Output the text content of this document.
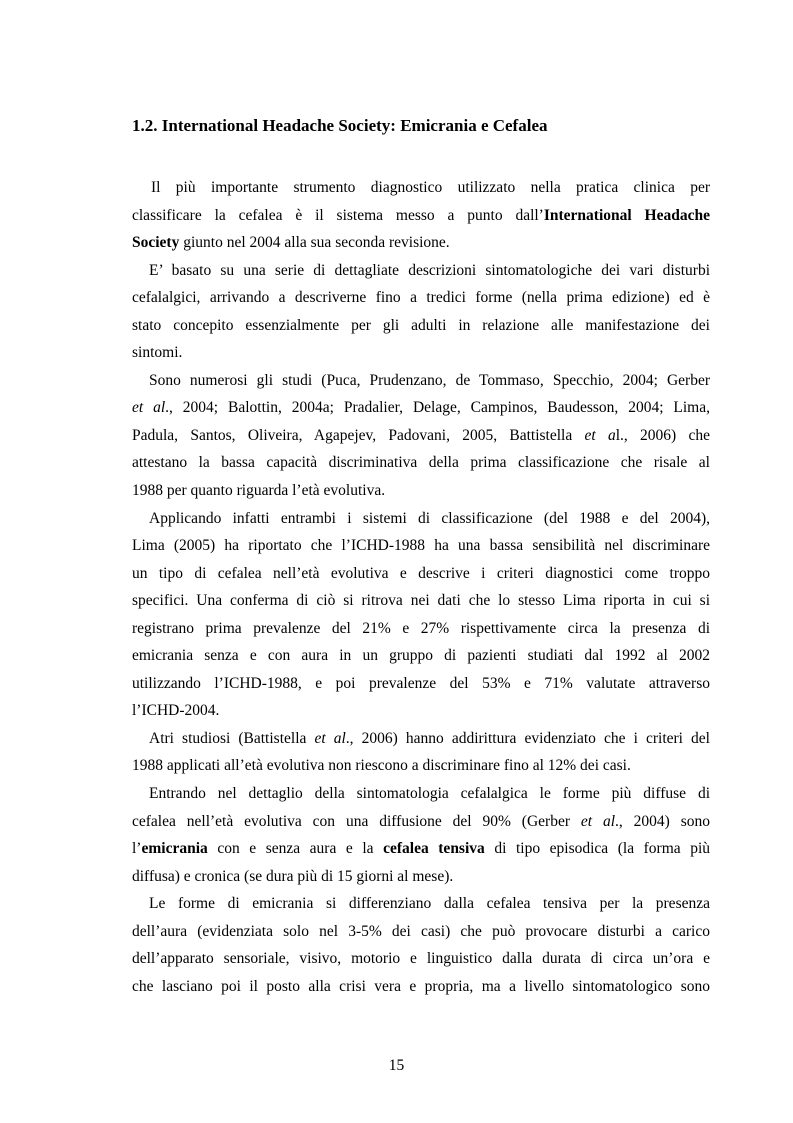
1.2. International Headache Society: Emicrania e Cefalea
Il più importante strumento diagnostico utilizzato nella pratica clinica per
classificare la cefalea è il sistema messo a punto dall’International Headache
Society giunto nel 2004 alla sua seconda revisione.
E’ basato su una serie di dettagliate descrizioni sintomatologiche dei vari disturbi
cefalalgici, arrivando a descriverne fino a tredici forme (nella prima edizione) ed è
stato concepito essenzialmente per gli adulti in relazione alle manifestazione dei
sintomi.
Sono numerosi gli studi (Puca, Prudenzano, de Tommaso, Specchio, 2004; Gerber
et al., 2004; Balottin, 2004a; Pradalier, Delage, Campinos, Baudesson, 2004; Lima,
Padula, Santos, Oliveira, Agapejev, Padovani, 2005, Battistella et al., 2006) che
attestano la bassa capacità discriminativa della prima classificazione che risale al
1988 per quanto riguarda l’età evolutiva.
Applicando infatti entrambi i sistemi di classificazione (del 1988 e del 2004),
Lima (2005) ha riportato che l’ICHD-1988 ha una bassa sensibilità nel discriminare
un tipo di cefalea nell’età evolutiva e descrive i criteri diagnostici come troppo
specifici. Una conferma di ciò si ritrova nei dati che lo stesso Lima riporta in cui si
registrano prima prevalenze del 21% e 27% rispettivamente circa la presenza di
emicrania senza e con aura in un gruppo di pazienti studiati dal 1992 al 2002
utilizzando l’ICHD-1988, e poi prevalenze del 53% e 71% valutate attraverso
l’ICHD-2004.
Atri studiosi (Battistella et al., 2006) hanno addirittura evidenziato che i criteri del
1988 applicati all’età evolutiva non riescono a discriminare fino al 12% dei casi.
Entrando nel dettaglio della sintomatologia cefalalgica le forme più diffuse di
cefalea nell’età evolutiva con una diffusione del 90% (Gerber et al., 2004) sono
l’emicrania con e senza aura e la cefalea tensiva di tipo episodica (la forma più
diffusa) e cronica (se dura più di 15 giorni al mese).
Le forme di emicrania si differenziano dalla cefalea tensiva per la presenza
dell’aura (evidenziata solo nel 3-5% dei casi) che può provocare disturbi a carico
dell’apparato sensoriale, visivo, motorio e linguistico dalla durata di circa un’ora e
che lasciano poi il posto alla crisi vera e propria, ma a livello sintomatologico sono
15
